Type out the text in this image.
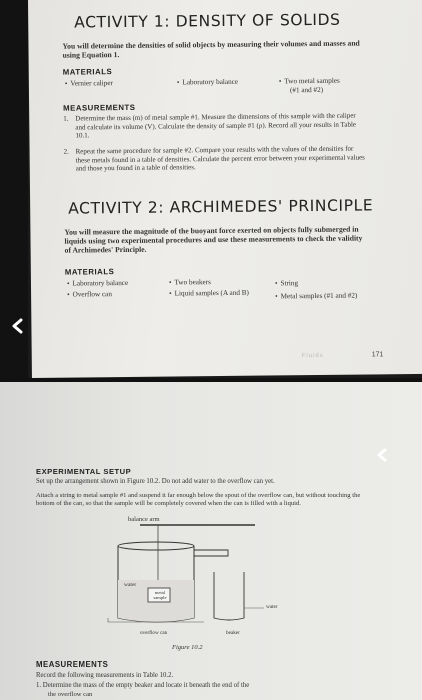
ACTIVITY 1: DENSITY OF SOLIDS
You will determine the densities of solid objects by measuring their volumes and masses and using Equation 1.
MATERIALS
• Vernier caliper	• Laboratory balance	• Two metal samples
(#1 and #2)
MEASUREMENTS
1. Determine the mass (m) of metal sample #1. Measure the dimensions of this sample with the caliper and calculate its volume (V). Calculate the density of sample #1 (ρ). Record all your results in Table 10.1.
2. Repeat the same procedure for sample #2. Compare your results with the values of the densities for these metals found in a table of densities. Calculate the percent error between your experimental values and those you found in a table of densities.
ACTIVITY 2: ARCHIMEDES' PRINCIPLE
You will measure the magnitude of the buoyant force exerted on objects fully submerged in liquids using two experimental procedures and use these measurements to check the validity of Archimedes' Principle.
MATERIALS
• Laboratory balance
• Overflow can
• Two beakers
• Liquid samples (A and B)
• String
• Metal samples (#1 and #2)
Fluids	171
EXPERIMENTAL SETUP
Set up the arrangement shown in Figure 10.2. Do not add water to the overflow can yet.
Attach a string to metal sample #1 and suspend it far enough below the spout of the overflow can, but without touching the bottom of the can, so that the sample will be completely covered when the can is filled with a liquid.
balance arm
water
metal sample
overflow can	beaker
water
Figure 10.2
MEASUREMENTS
Record the following measurements in Table 10.2.
1. Determine the mass of the empty beaker and locate it beneath the end of the
the overflow can
